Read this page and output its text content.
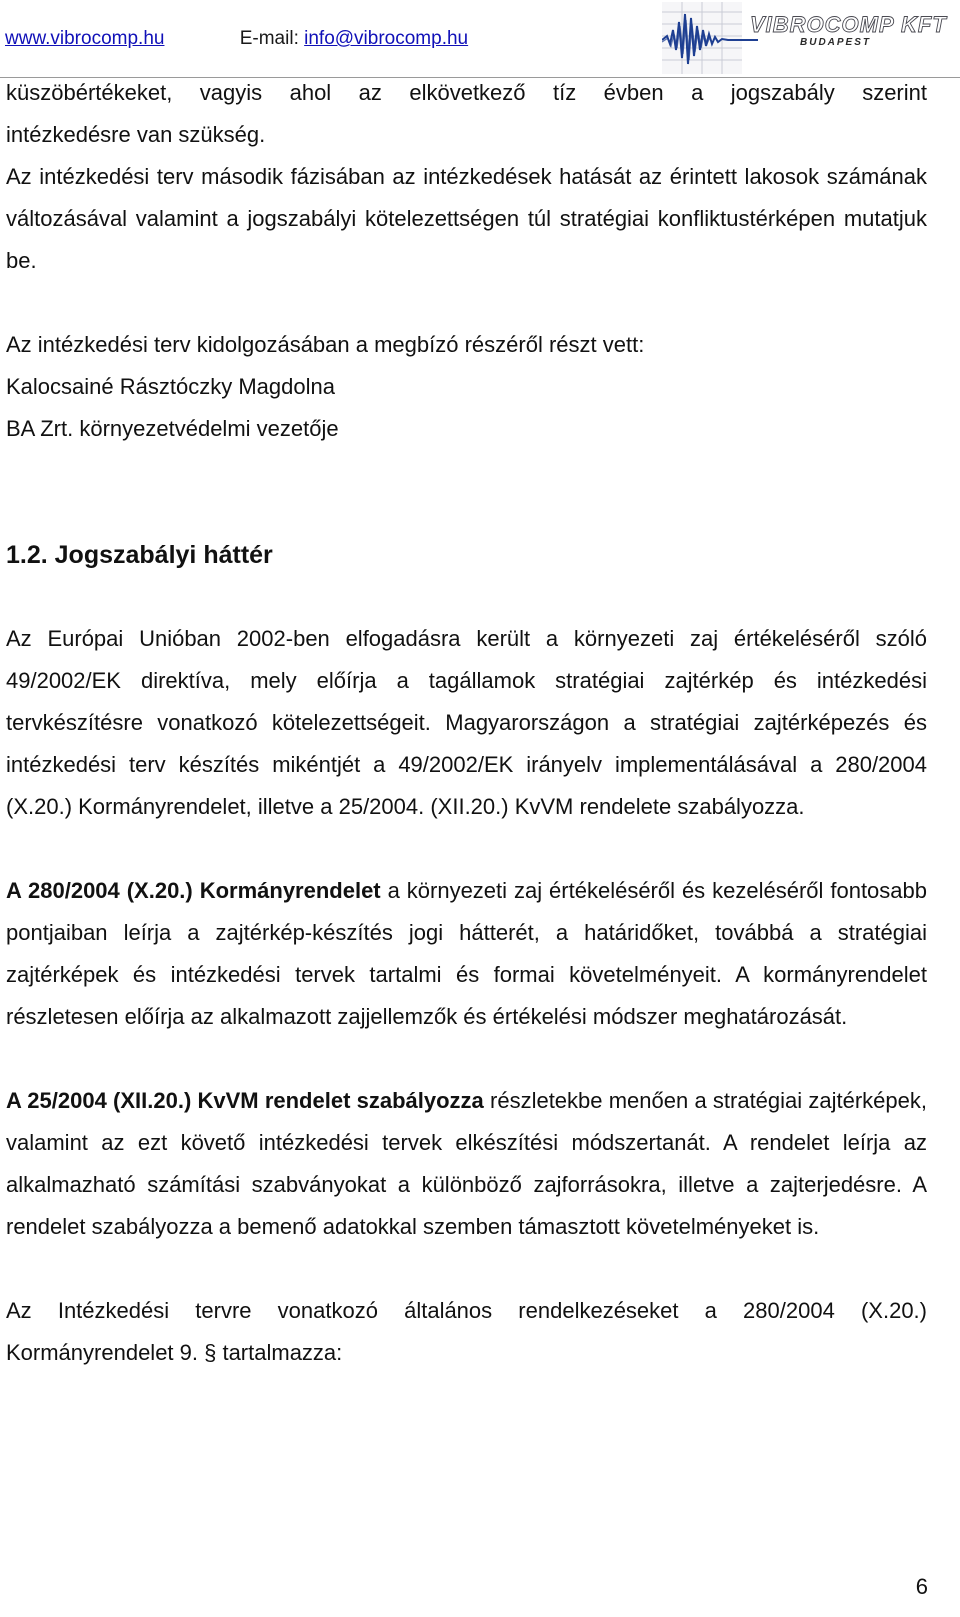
www.vibrocomp.hu	E-mail: info@vibrocomp.hu
VIBROCOMP KFT
BUDAPEST

küszöbértékeket, vagyis ahol az elkövetkező tíz évben a jogszabály szerint

intézkedésre van szükség.

Az intézkedési terv második fázisában az intézkedések hatását az érintett lakosok számának változásával valamint a jogszabályi kötelezettségen túl stratégiai konfliktustérképen mutatjuk be.

Az intézkedési terv kidolgozásában a megbízó részéről részt vett:

Kalocsainé Rásztóczky Magdolna

BA Zrt. környezetvédelmi vezetője

1.2. Jogszabályi háttér

Az Európai Unióban 2002-ben elfogadásra került a környezeti zaj értékeléséről szóló 49/2002/EK direktíva, mely előírja a tagállamok stratégiai zajtérkép és intézkedési tervkészítésre vonatkozó kötelezettségeit. Magyarországon a stratégiai zajtérképezés és intézkedési terv készítés mikéntjét a 49/2002/EK irányelv implementálásával a 280/2004 (X.20.) Kormányrendelet, illetve a 25/2004. (XII.20.) KvVM rendelete szabályozza.

A 280/2004 (X.20.) Kormányrendelet a környezeti zaj értékeléséről és kezeléséről fontosabb pontjaiban leírja a zajtérkép-készítés jogi hátterét, a határidőket, továbbá a stratégiai zajtérképek és intézkedési tervek tartalmi és formai követelményeit. A kormányrendelet részletesen előírja az alkalmazott zajjellemzők és értékelési módszer meghatározását.

A 25/2004 (XII.20.) KvVM rendelet szabályozza részletekbe menően a stratégiai zajtérképek, valamint az ezt követő intézkedési tervek elkészítési módszertanát. A rendelet leírja az alkalmazható számítási szabványokat a különböző zajforrásokra, illetve a zajterjedésre. A rendelet szabályozza a bemenő adatokkal szemben támasztott követelményeket is.

Az Intézkedési tervre vonatkozó általános rendelkezéseket a 280/2004 (X.20.) Kormányrendelet 9. § tartalmazza:

6
